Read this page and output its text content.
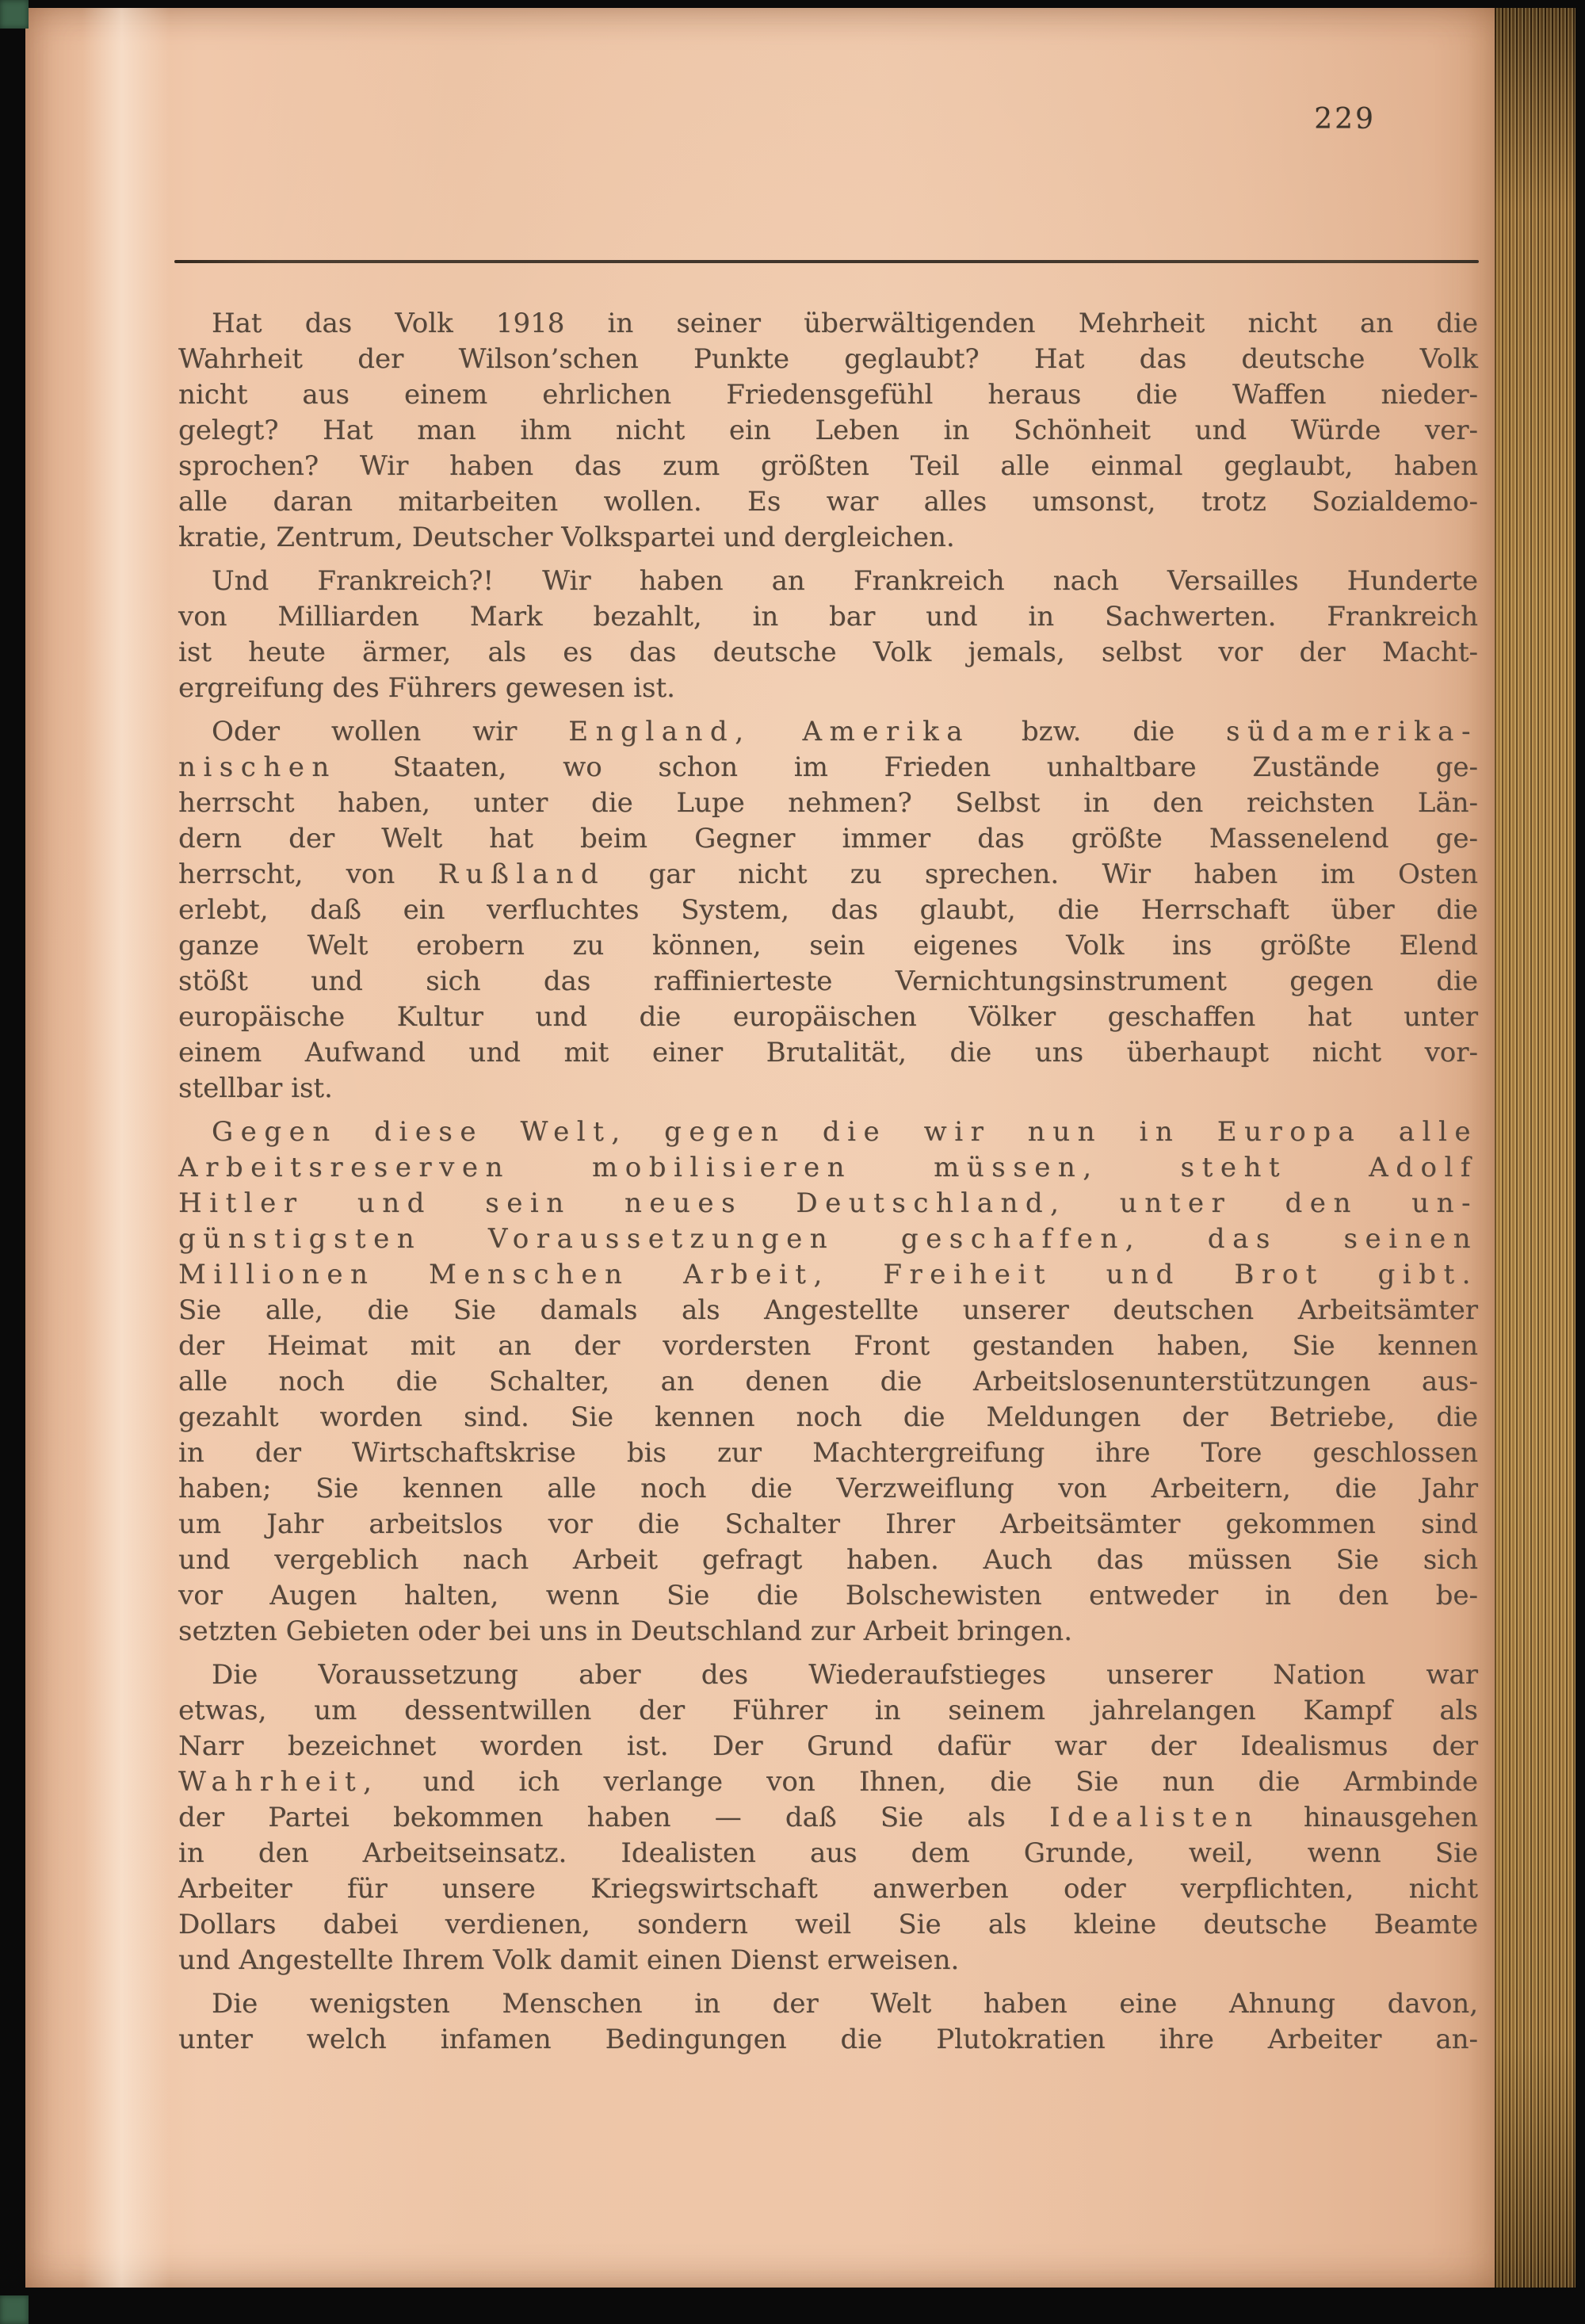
229
Hat das Volk 1918 in seiner überwältigenden Mehrheit nicht an die
Wahrheit der Wilson’schen Punkte geglaubt? Hat das deutsche Volk
nicht aus einem ehrlichen Friedensgefühl heraus die Waffen nieder-
gelegt? Hat man ihm nicht ein Leben in Schönheit und Würde ver-
sprochen? Wir haben das zum größten Teil alle einmal geglaubt, haben
alle daran mitarbeiten wollen. Es war alles umsonst, trotz Sozialdemo-
kratie, Zentrum, Deutscher Volkspartei und dergleichen.
Und Frankreich?! Wir haben an Frankreich nach Versailles Hunderte
von Milliarden Mark bezahlt, in bar und in Sachwerten. Frankreich
ist heute ärmer, als es das deutsche Volk jemals, selbst vor der Macht-
ergreifung des Führers gewesen ist.
Oder wollen wir England, Amerika bzw. die südamerika-
nischen Staaten, wo schon im Frieden unhaltbare Zustände ge-
herrscht haben, unter die Lupe nehmen? Selbst in den reichsten Län-
dern der Welt hat beim Gegner immer das größte Massenelend ge-
herrscht, von Rußland gar nicht zu sprechen. Wir haben im Osten
erlebt, daß ein verfluchtes System, das glaubt, die Herrschaft über die
ganze Welt erobern zu können, sein eigenes Volk ins größte Elend
stößt und sich das raffinierteste Vernichtungsinstrument gegen die
europäische Kultur und die europäischen Völker geschaffen hat unter
einem Aufwand und mit einer Brutalität, die uns überhaupt nicht vor-
stellbar ist.
Gegen diese Welt, gegen die wir nun in Europa alle
Arbeitsreserven mobilisieren müssen, steht Adolf
Hitler und sein neues Deutschland, unter den un-
günstigsten Voraussetzungen geschaffen, das seinen
Millionen Menschen Arbeit, Freiheit und Brot gibt.
Sie alle, die Sie damals als Angestellte unserer deutschen Arbeitsämter
der Heimat mit an der vordersten Front gestanden haben, Sie kennen
alle noch die Schalter, an denen die Arbeitslosenunterstützungen aus-
gezahlt worden sind. Sie kennen noch die Meldungen der Betriebe, die
in der Wirtschaftskrise bis zur Machtergreifung ihre Tore geschlossen
haben; Sie kennen alle noch die Verzweiflung von Arbeitern, die Jahr
um Jahr arbeitslos vor die Schalter Ihrer Arbeitsämter gekommen sind
und vergeblich nach Arbeit gefragt haben. Auch das müssen Sie sich
vor Augen halten, wenn Sie die Bolschewisten entweder in den be-
setzten Gebieten oder bei uns in Deutschland zur Arbeit bringen.
Die Voraussetzung aber des Wiederaufstieges unserer Nation war
etwas, um dessentwillen der Führer in seinem jahrelangen Kampf als
Narr bezeichnet worden ist. Der Grund dafür war der Idealismus der
Wahrheit, und ich verlange von Ihnen, die Sie nun die Armbinde
der Partei bekommen haben — daß Sie als Idealisten hinausgehen
in den Arbeitseinsatz. Idealisten aus dem Grunde, weil, wenn Sie
Arbeiter für unsere Kriegswirtschaft anwerben oder verpflichten, nicht
Dollars dabei verdienen, sondern weil Sie als kleine deutsche Beamte
und Angestellte Ihrem Volk damit einen Dienst erweisen.
Die wenigsten Menschen in der Welt haben eine Ahnung davon,
unter welch infamen Bedingungen die Plutokratien ihre Arbeiter an-
